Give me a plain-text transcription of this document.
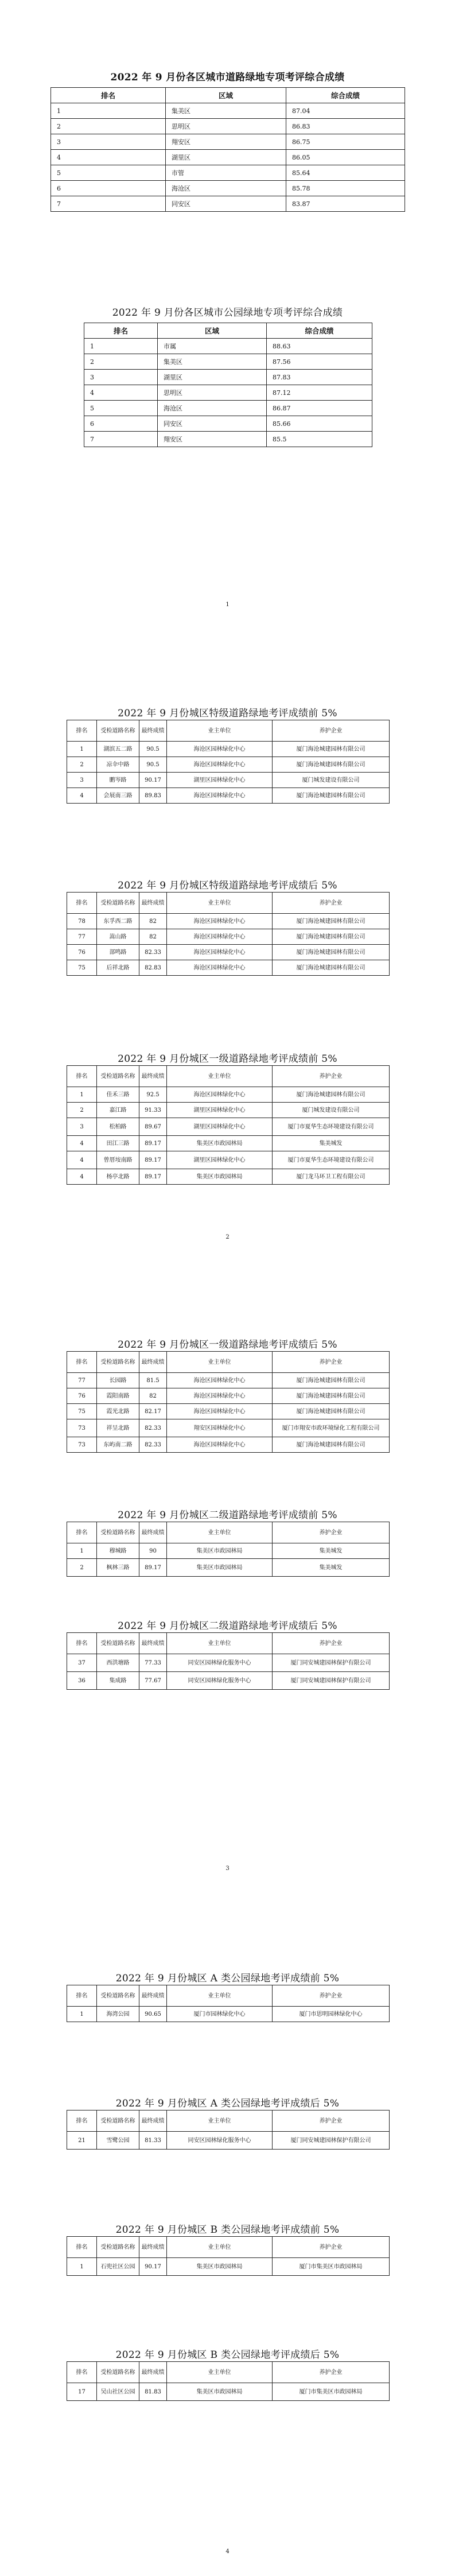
2022 年 9 月份各区城市道路绿地专项考评综合成绩
排名	区域	综合成绩
1	集美区	87.04
2	思明区	86.83
3	翔安区	86.75
4	湖里区	86.05
5	市管	85.64
6	海沧区	85.78
7	同安区	83.87
2022 年 9 月份各区城市公园绿地专项考评综合成绩
排名	区域	综合成绩
1	市属	88.63
2	集美区	87.56
3	湖里区	87.83
4	思明区	87.12
5	海沧区	86.87
6	同安区	85.66
7	翔安区	85.5
1
2022 年 9 月份城区特级道路绿地考评成绩前 5%
排名	受检道路名称	最终成绩	业主单位	养护企业
1	湖滨五二路	90.5	海沧区园林绿化中心	厦门海沧城建园林有限公司
2	凉伞中路	90.5	海沧区园林绿化中心	厦门海沧城建园林有限公司
3	鹏岑路	90.17	湖里区园林绿化中心	厦门城发建设有限公司
4	会展南三路	89.83	海沧区园林绿化中心	厦门海沧城建园林有限公司
2022 年 9 月份城区特级道路绿地考评成绩后 5%
排名	受检道路名称	最终成绩	业主单位	养护企业
78	东孚西二路	82	海沧区园林绿化中心	厦门海沧城建园林有限公司
77	嵩山路	82	海沧区园林绿化中心	厦门海沧城建园林有限公司
76	部鸣路	82.33	海沧区园林绿化中心	厦门海沧城建园林有限公司
75	后祥北路	82.83	海沧区园林绿化中心	厦门海沧城建园林有限公司
2022 年 9 月份城区一级道路绿地考评成绩前 5%
排名	受检道路名称	最终成绩	业主单位	养护企业
1	佳禾三路	92.5	海沧区园林绿化中心	厦门海沧城建园林有限公司
2	嘉江路	91.33	湖里区园林绿化中心	厦门城发建设有限公司
3	松柏路	89.67	湖里区园林绿化中心	厦门市夏华生态环境建设有限公司
4	田江三路	89.17	集美区市政园林局	集美城发
4	曾厝垵南路	89.17	湖里区园林绿化中心	厦门市夏华生态环境建设有限公司
4	杨亭北路	89.17	集美区市政园林局	厦门龙马环卫工程有限公司
2
2022 年 9 月份城区一级道路绿地考评成绩后 5%
排名	受检道路名称	最终成绩	业主单位	养护企业
77	长园路	81.5	海沧区园林绿化中心	厦门海沧城建园林有限公司
76	霞阳南路	82	海沧区园林绿化中心	厦门海沧城建园林有限公司
75	霞光北路	82.17	海沧区园林绿化中心	厦门海沧城建园林有限公司
73	祥呈北路	82.33	翔安区园林绿化中心	厦门市翔安市政环境绿化工程有限公司
73	东屿南二路	82.33	海沧区园林绿化中心	厦门海沧城建园林有限公司
2022 年 9 月份城区二级道路绿地考评成绩前 5%
排名	受检道路名称	最终成绩	业主单位	养护企业
1	穆城路	90	集美区市政园林局	集美城发
2	枫林三路	89.17	集美区市政园林局	集美城发
2022 年 9 月份城区二级道路绿地考评成绩后 5%
排名	受检道路名称	最终成绩	业主单位	养护企业
37	西洪塘路	77.33	同安区园林绿化服务中心	厦门同安城建园林保护有限公司
36	集成路	77.67	同安区园林绿化服务中心	厦门同安城建园林保护有限公司
3
2022 年 9 月份城区 A 类公园绿地考评成绩前 5%
排名	受检道路名称	最终成绩	业主单位	养护企业
1	海湾公园	90.65	厦门市园林绿化中心	厦门市思明园林绿化中心
2022 年 9 月份城区 A 类公园绿地考评成绩后 5%
排名	受检道路名称	最终成绩	业主单位	养护企业
21	雪鹭公园	81.33	同安区园林绿化服务中心	厦门同安城建园林保护有限公司
2022 年 9 月份城区 B 类公园绿地考评成绩前 5%
排名	受检道路名称	最终成绩	业主单位	养护企业
1	石兜社区公园	90.17	集美区市政园林局	厦门市集美区市政园林局
2022 年 9 月份城区 B 类公园绿地考评成绩后 5%
排名	受检道路名称	最终成绩	业主单位	养护企业
17	吴山社区公园	81.83	集美区市政园林局	厦门市集美区市政园林局
4
